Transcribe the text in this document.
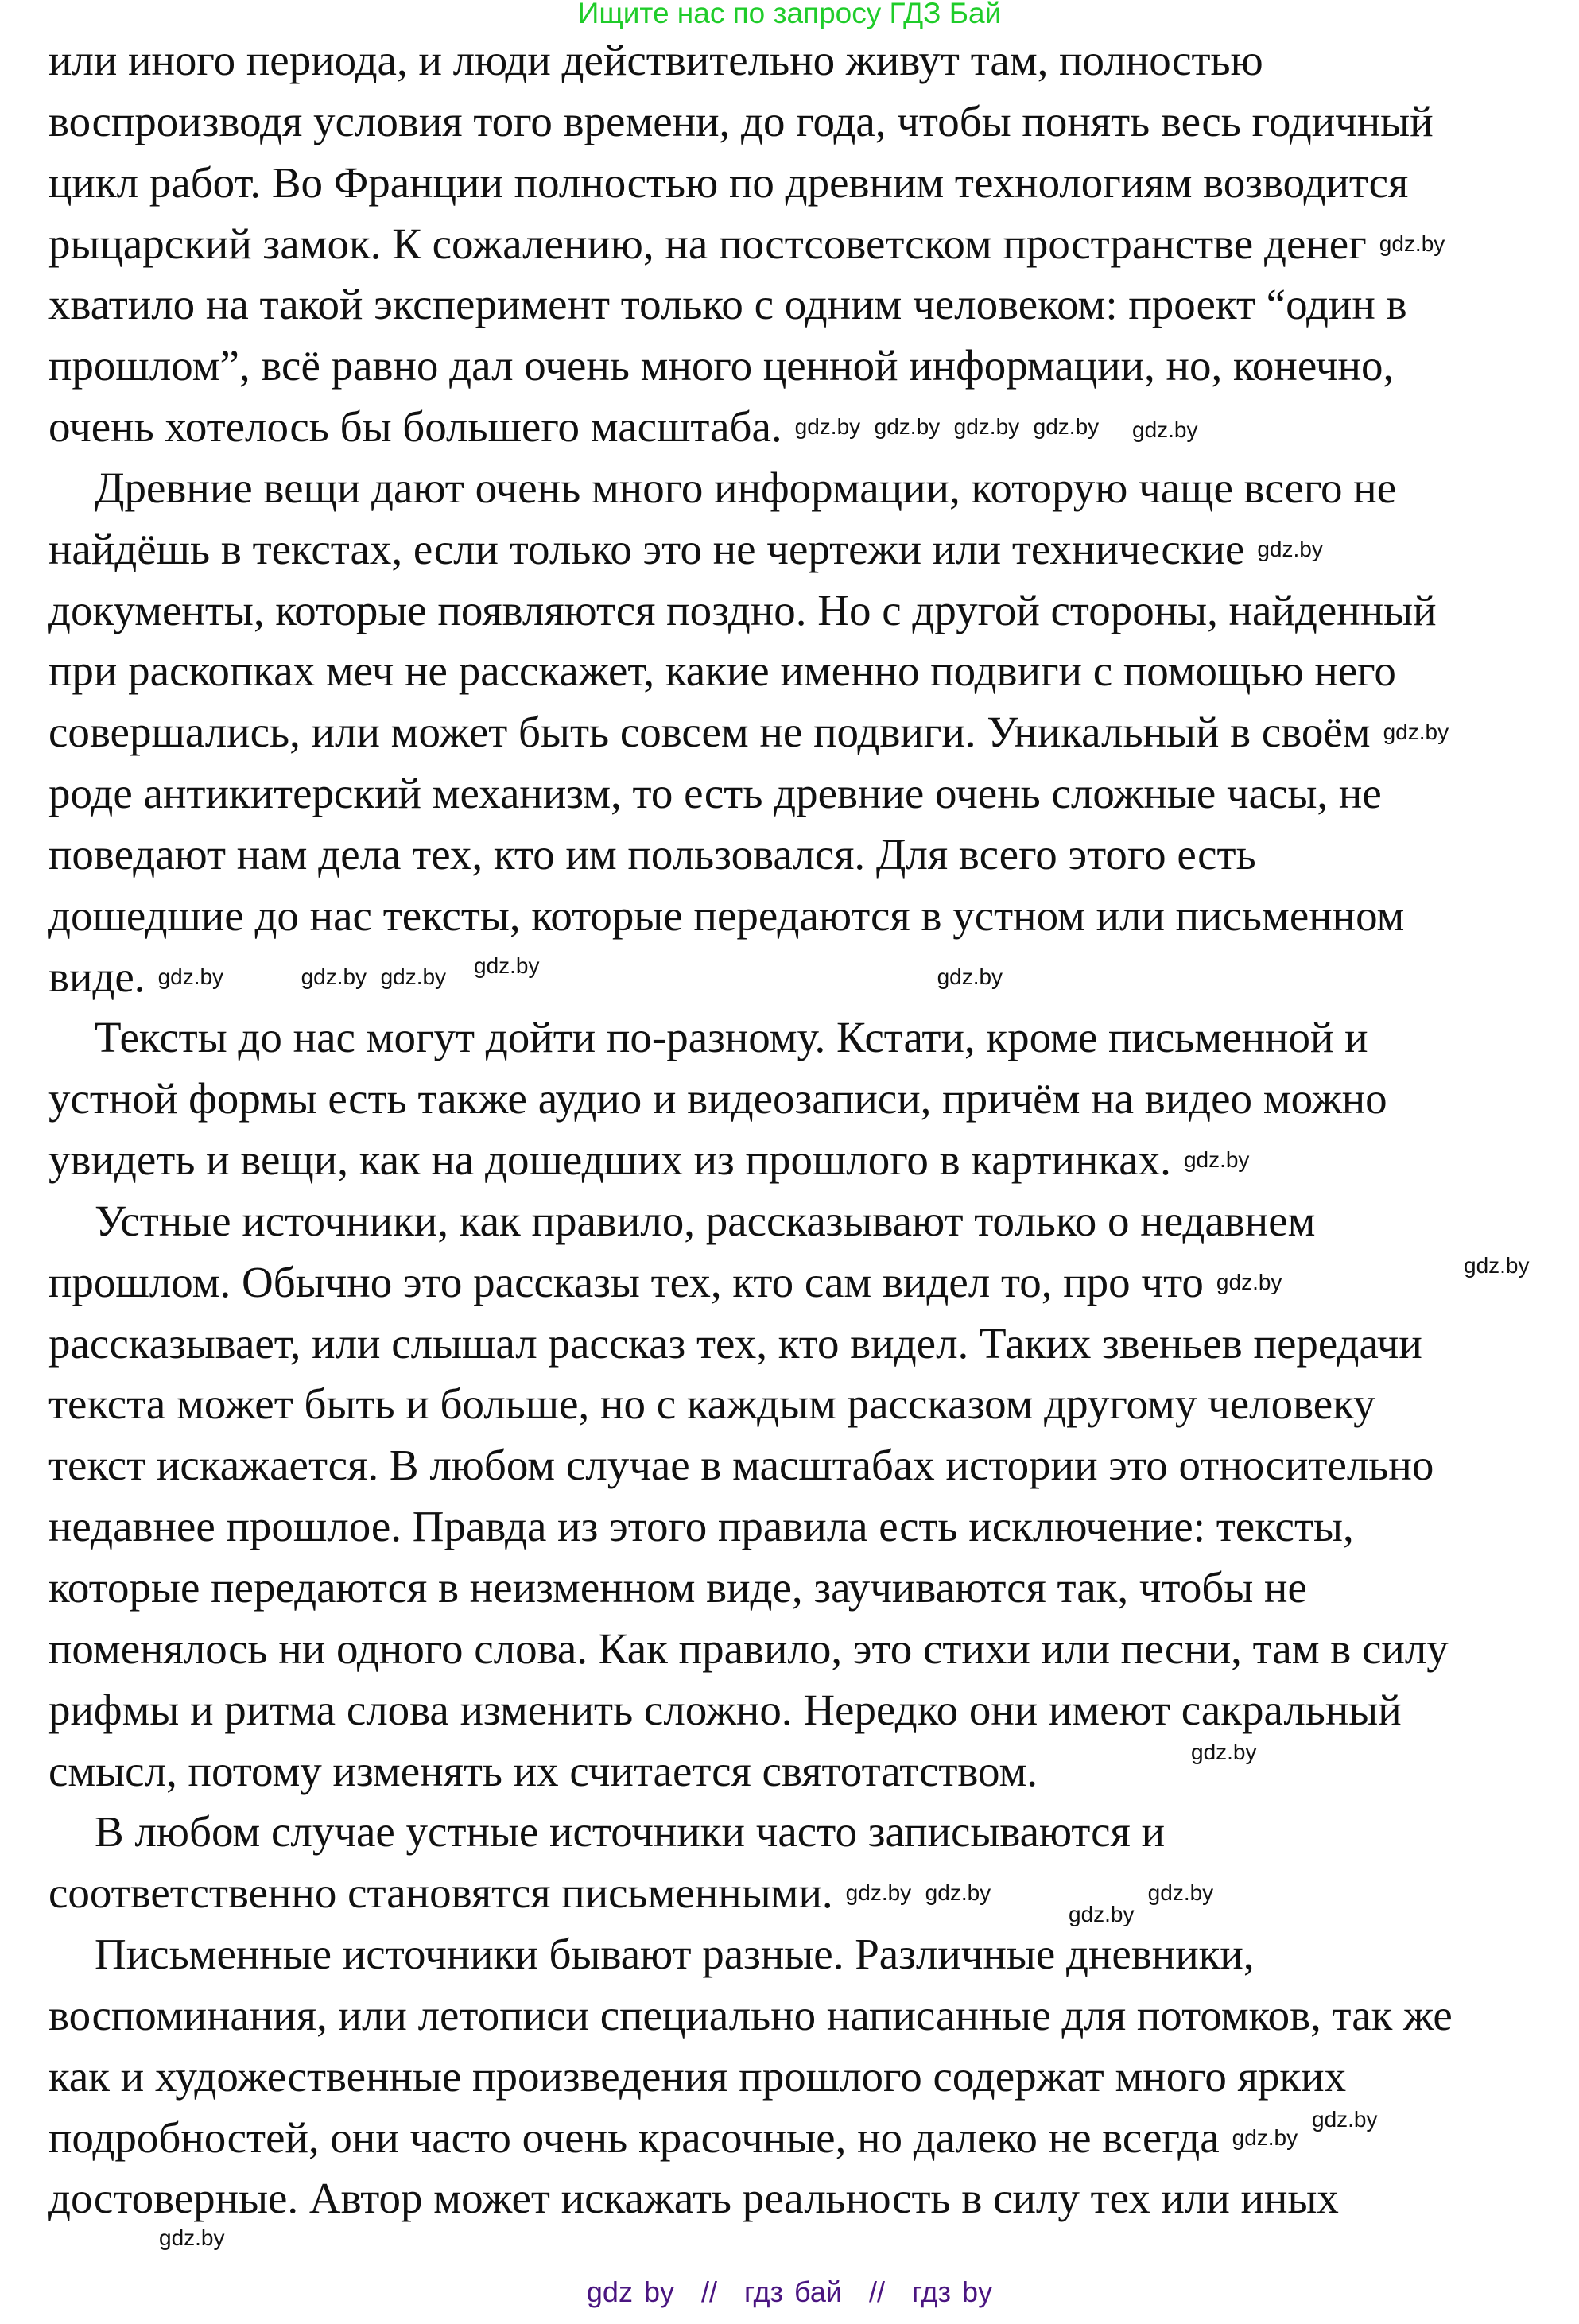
Ищите нас по запросу ГДЗ Бай
или иного периода, и люди действительно живут там, полностью
воспроизводя условия того времени, до года, чтобы понять весь годичный
цикл работ. Во Франции полностью по древним технологиям возводится
рыцарский замок. К сожалению, на постсоветском пространстве денег
хватило на такой эксперимент только с одним человеком: проект “один в
прошлом”, всё равно дал очень много ценной информации, но, конечно,
очень хотелось бы большего масштаба.
Древние вещи дают очень много информации, которую чаще всего не
найдёшь в текстах, если только это не чертежи или технические
документы, которые появляются поздно. Но с другой стороны, найденный
при раскопках меч не расскажет, какие именно подвиги с помощью него
совершались, или может быть совсем не подвиги. Уникальный в своём
роде антикитерский механизм, то есть древние очень сложные часы, не
поведают нам дела тех, кто им пользовался. Для всего этого есть
дошедшие до нас тексты, которые передаются в устном или письменном
виде.
Тексты до нас могут дойти по-разному. Кстати, кроме письменной и
устной формы есть также аудио и видеозаписи, причём на видео можно
увидеть и вещи, как на дошедших из прошлого в картинках.
Устные источники, как правило, рассказывают только о недавнем
прошлом. Обычно это рассказы тех, кто сам видел то, про что
рассказывает, или слышал рассказ тех, кто видел. Таких звеньев передачи
текста может быть и больше, но с каждым рассказом другому человеку
текст искажается. В любом случае в масштабах истории это относительно
недавнее прошлое. Правда из этого правила есть исключение: тексты,
которые передаются в неизменном виде, заучиваются так, чтобы не
поменялось ни одного слова. Как правило, это стихи или песни, там в силу
рифмы и ритма слова изменить сложно. Нередко они имеют сакральный
смысл, потому изменять их считается святотатством.
В любом случае устные источники часто записываются и
соответственно становятся письменными.
Письменные источники бывают разные. Различные дневники,
воспоминания, или летописи специально написанные для потомков, так же
как и художественные произведения прошлого содержат много ярких
подробностей, они часто очень красочные, но далеко не всегда
достоверные. Автор может искажать реальность в силу тех или иных
gdz.by gdz.by
gdz.by
gdz.by	gdz.by
gdz.by
gdz.by
gdz.by
gdz.by
gdz.by	gdz.by
gdz.by
gdz.by
gdz.by
gdz.by
gdz.by
gdz.by
gdz.by
gdz.by
gdz.by
gdz.by
gdz.by
gdz.by
gdz.by
gdz by // гдз бай // гдз by
